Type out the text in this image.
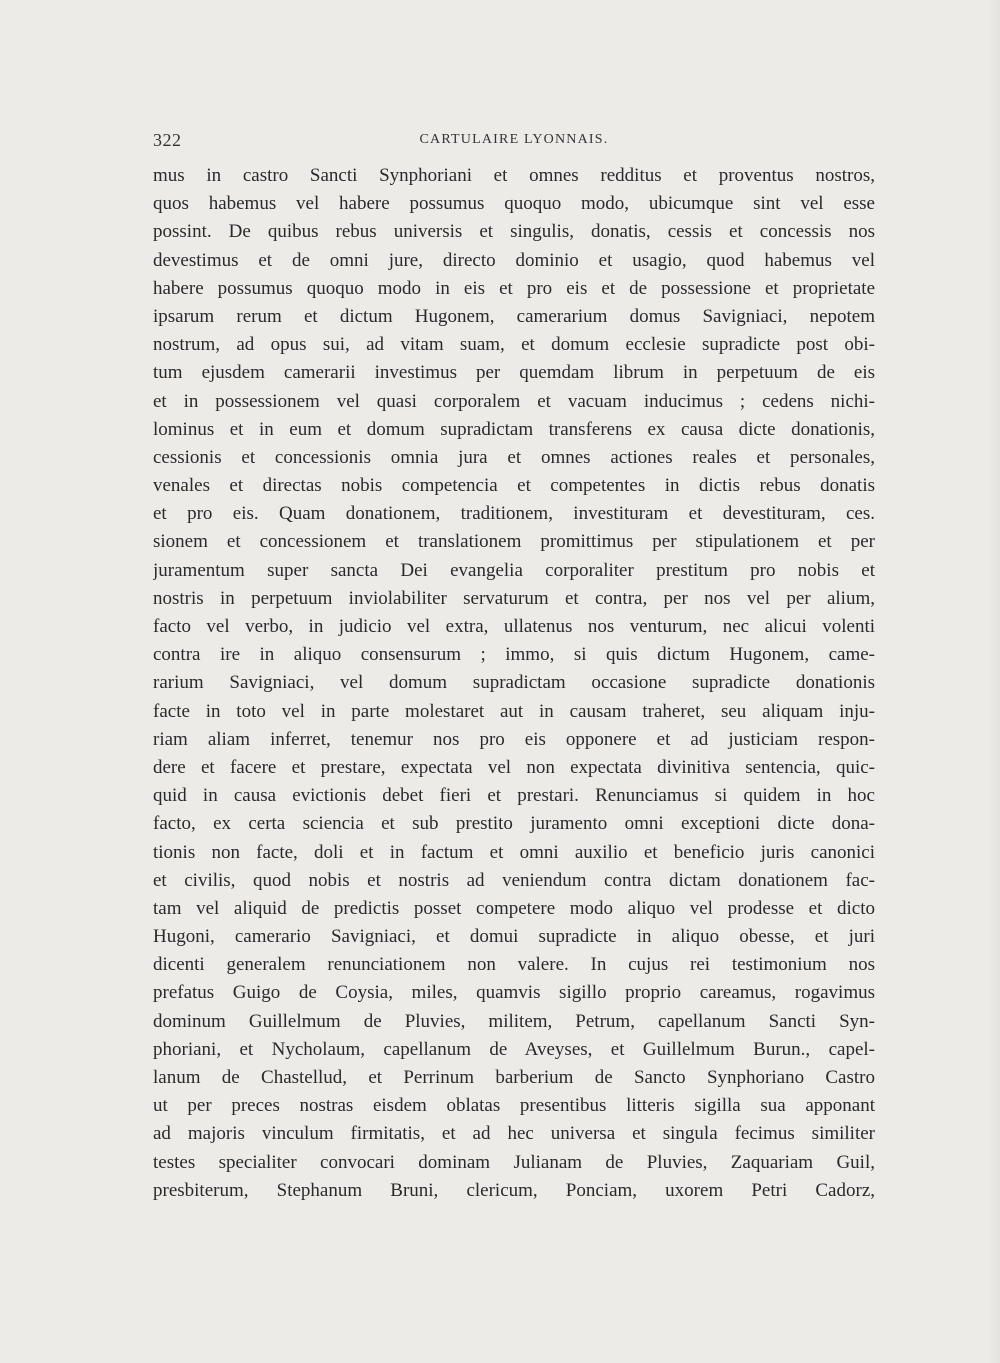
322	CARTULAIRE LYONNAIS.
mus in castro Sancti Synphoriani et omnes redditus et proventus nostros,
quos habemus vel habere possumus quoquo modo, ubicumque sint vel esse
possint. De quibus rebus universis et singulis, donatis, cessis et concessis nos
devestimus et de omni jure, directo dominio et usagio, quod habemus vel
habere possumus quoquo modo in eis et pro eis et de possessione et proprietate
ipsarum rerum et dictum Hugonem, camerarium domus Savigniaci, nepotem
nostrum, ad opus sui, ad vitam suam, et domum ecclesie supradicte post obi-
tum ejusdem camerarii investimus per quemdam librum in perpetuum de eis
et in possessionem vel quasi corporalem et vacuam inducimus ; cedens nichi-
lominus et in eum et domum supradictam transferens ex causa dicte donationis,
cessionis et concessionis omnia jura et omnes actiones reales et personales,
venales et directas nobis competencia et competentes in dictis rebus donatis
et pro eis. Quam donationem, traditionem, investituram et devestituram, ces.
sionem et concessionem et translationem promittimus per stipulationem et per
juramentum super sancta Dei evangelia corporaliter prestitum pro nobis et
nostris in perpetuum inviolabiliter servaturum et contra, per nos vel per alium,
facto vel verbo, in judicio vel extra, ullatenus nos venturum, nec alicui volenti
contra ire in aliquo consensurum ; immo, si quis dictum Hugonem, came-
rarium Savigniaci, vel domum supradictam occasione supradicte donationis
facte in toto vel in parte molestaret aut in causam traheret, seu aliquam inju-
riam aliam inferret, tenemur nos pro eis opponere et ad justiciam respon-
dere et facere et prestare, expectata vel non expectata divinitiva sentencia, quic-
quid in causa evictionis debet fieri et prestari. Renunciamus si quidem in hoc
facto, ex certa sciencia et sub prestito juramento omni exceptioni dicte dona-
tionis non facte, doli et in factum et omni auxilio et beneficio juris canonici
et civilis, quod nobis et nostris ad veniendum contra dictam donationem fac-
tam vel aliquid de predictis posset competere modo aliquo vel prodesse et dicto
Hugoni, camerario Savigniaci, et domui supradicte in aliquo obesse, et juri
dicenti generalem renunciationem non valere. In cujus rei testimonium nos
prefatus Guigo de Coysia, miles, quamvis sigillo proprio careamus, rogavimus
dominum Guillelmum de Pluvies, militem, Petrum, capellanum Sancti Syn-
phoriani, et Nycholaum, capellanum de Aveyses, et Guillelmum Burun., capel-
lanum de Chastellud, et Perrinum barberium de Sancto Synphoriano Castro
ut per preces nostras eisdem oblatas presentibus litteris sigilla sua apponant
ad majoris vinculum firmitatis, et ad hec universa et singula fecimus similiter
testes specialiter convocari dominam Julianam de Pluvies, Zaquariam Guil,
presbiterum, Stephanum Bruni, clericum, Ponciam, uxorem Petri Cadorz,
